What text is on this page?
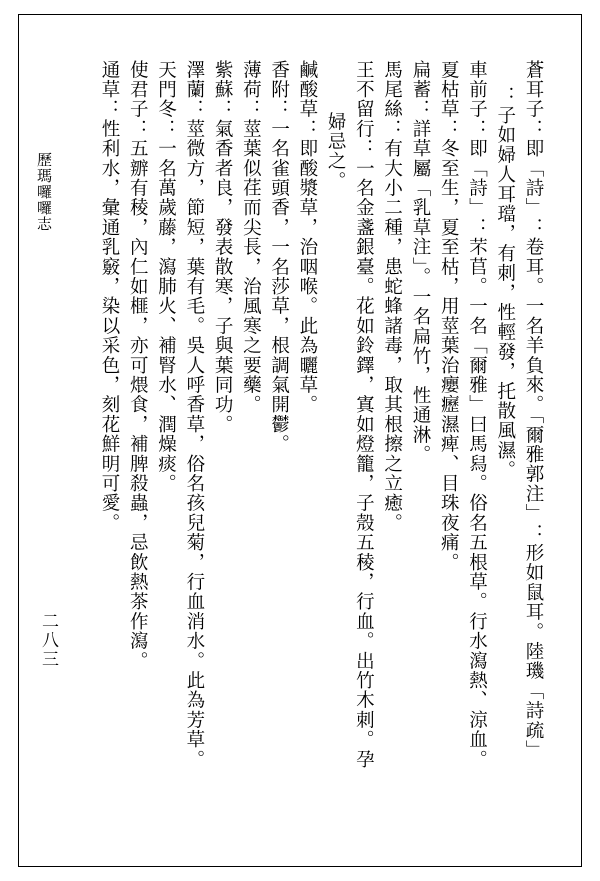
歷瑪囉囉志
二八三	蒼耳子：即「詩」：卷耳。一名羊負來。「爾雅郭注」：形如鼠耳。陸璣「詩疏」
：子如婦人耳璫，有刺，性輕發，托散風濕。
車前子：即「詩」：芣苢。一名「爾雅」曰馬舄。俗名五根草。行水瀉熱、涼血。
夏枯草：冬至生，夏至枯，用莖葉治癭癧濕痺、目珠夜痛。
扁蓄：詳草屬「乳草注」。一名扁竹，性通淋。
馬尾絲：有大小二種，患蛇蜂諸毒，取其根擦之立癒。
王不留行：一名金盞銀臺。花如鈴鐸，寘如燈籠，子殼五稜，行血。出竹木刺。孕
婦忌之。
鹹酸草：即酸漿草，治咽喉。此為曬草。
香附：一名雀頭香，一名莎草，根調氣開鬱。
薄荷：莖葉似荏而尖長，治風寒之要藥。
紫蘇：氣香者良，發表散寒，子與葉同功。
澤蘭：莖微方，節短，葉有毛。吳人呼香草，俗名孩兒菊，行血消水。此為芳草。
天門冬：一名萬歲藤，瀉肺火、補腎水、潤燥痰。
使君子：五辧有稜，內仁如榧，亦可煨食，補脾殺蟲，忌飲熱茶作瀉。
通草：性利水，彙通乳竅，染以采色，刻花鮮明可愛。
